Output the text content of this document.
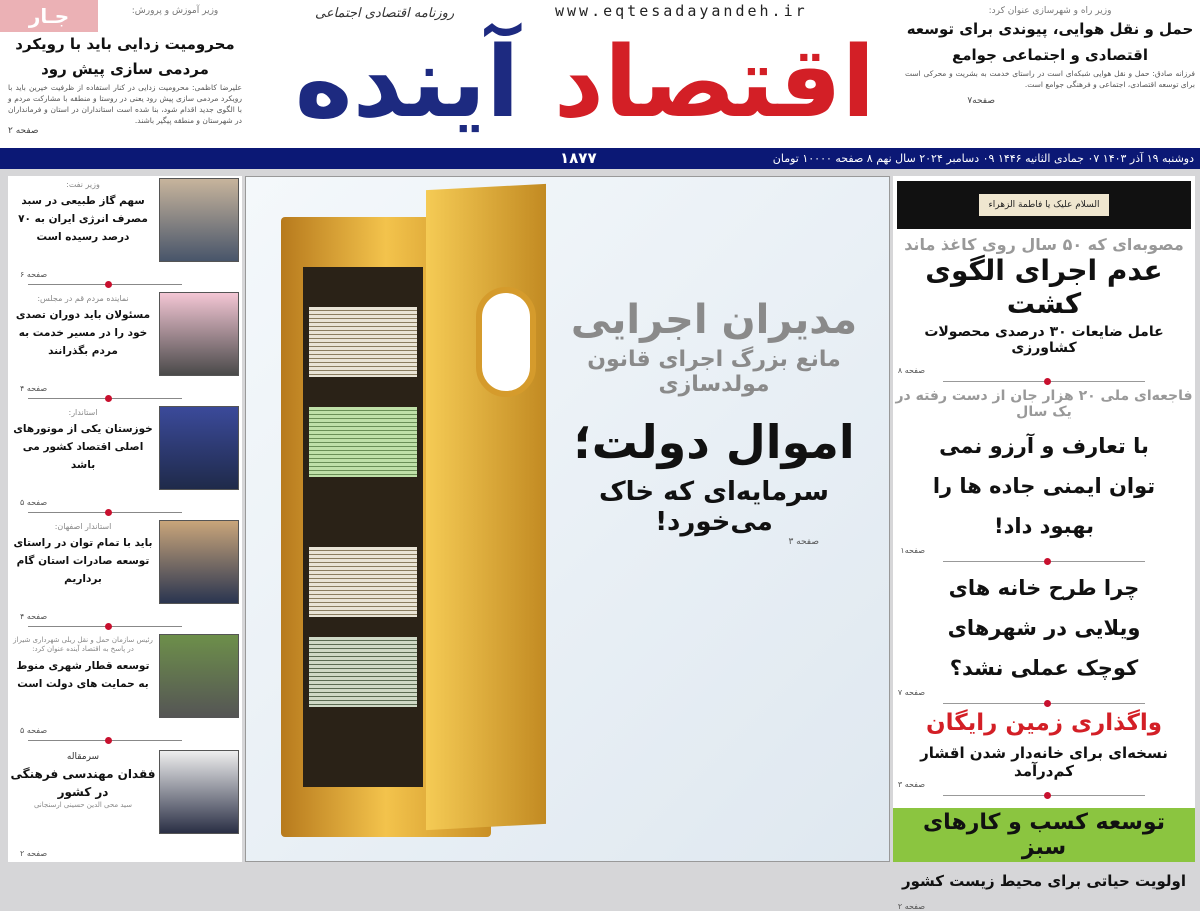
www.eqtesadayandeh.ir
روزنامه اقتصادی اجتماعی
اقتصاد آینده
وزیر آموزش و پرورش:
محرومیت زدایی باید با رویکرد مردمی سازی پیش رود
علیرضا کاظمی: محرومیت زدایی در کنار استفاده از ظرفیت خیرین باید با رویکرد مردمی سازی پیش رود یعنی در روستا و منطقه با مشارکت مردم و با الگوی جدید اقدام شود، بنا شده است استانداران در استان و فرمانداران در شهرستان و منطقه پیگیر باشند.
صفحه ۲
وزیر راه و شهرسازی عنوان کرد:
حمل و نقل هوایی، پیوندی برای توسعه اقتصادی و اجتماعی جوامع
فرزانه صادق: حمل و نقل هوایی شبکه‌ای است در راستای خدمت به بشریت و محرکی است برای توسعه اقتصادی، اجتماعی و فرهنگی جوامع است.
صفحه۷
جـار
دوشنبه ۱۹ آذر ۱۴۰۳ ۰۷ جمادی الثانیه ۱۴۴۶ ۰۹ دسامبر ۲۰۲۴ سال نهم ۸ صفحه ۱۰۰۰۰ تومان
۱۸۷۷
وزیر نفت:
سهم گاز طبیعی در سبد مصرف انرژی ایران به ۷۰ درصد رسیده است
صفحه ۶
نماینده مردم قم در مجلس:
مسئولان باید دوران تصدی خود را در مسیر خدمت به مردم بگذرانند
صفحه ۴
استاندار:
خوزستان یکی از موتورهای اصلی اقتصاد کشور می باشد
صفحه ۵
استاندار اصفهان:
باید با تمام توان در راستای توسعه صادرات استان گام برداریم
صفحه ۴
رئیس سازمان حمل و نقل ریلی شهرداری شیراز در پاسخ به اقتصاد آینده عنوان کرد:
توسعه قطار شهری منوط به حمایت های دولت است
صفحه ۵
سرمقاله
فقدان مهندسی فرهنگی در کشور
سید محی الدین حسینی ارسنجانی
صفحه ۲
مدیران اجرایی
مانع بزرگ اجرای قانون مولدسازی
اموال دولت؛
سرمایه‌ای که خاک می‌خورد!
صفحه ۳
السلام علیک یا فاطمة الزهراء
مصوبه‌ای که ۵۰ سال روی کاغذ ماند
عدم اجرای الگوی کشت
عامل ضایعات ۳۰ درصدی محصولات کشاورزی
صفحه ۸
فاجعه‌ای ملی ۲۰ هزار جان از دست رفته در یک سال
با تعارف و آرزو نمی توان ایمنی جاده ها را بهبود داد!
صفحه۱
چرا طرح خانه های ویلایی در شهرهای کوچک عملی نشد؟
صفحه ۷
واگذاری زمین رایگان
نسخه‌ای برای خانه‌دار شدن اقشار کم‌درآمد
صفحه ۳
توسعه کسب و کارهای سبز
اولویت حیاتی برای محیط زیست کشور
صفحه ۲
